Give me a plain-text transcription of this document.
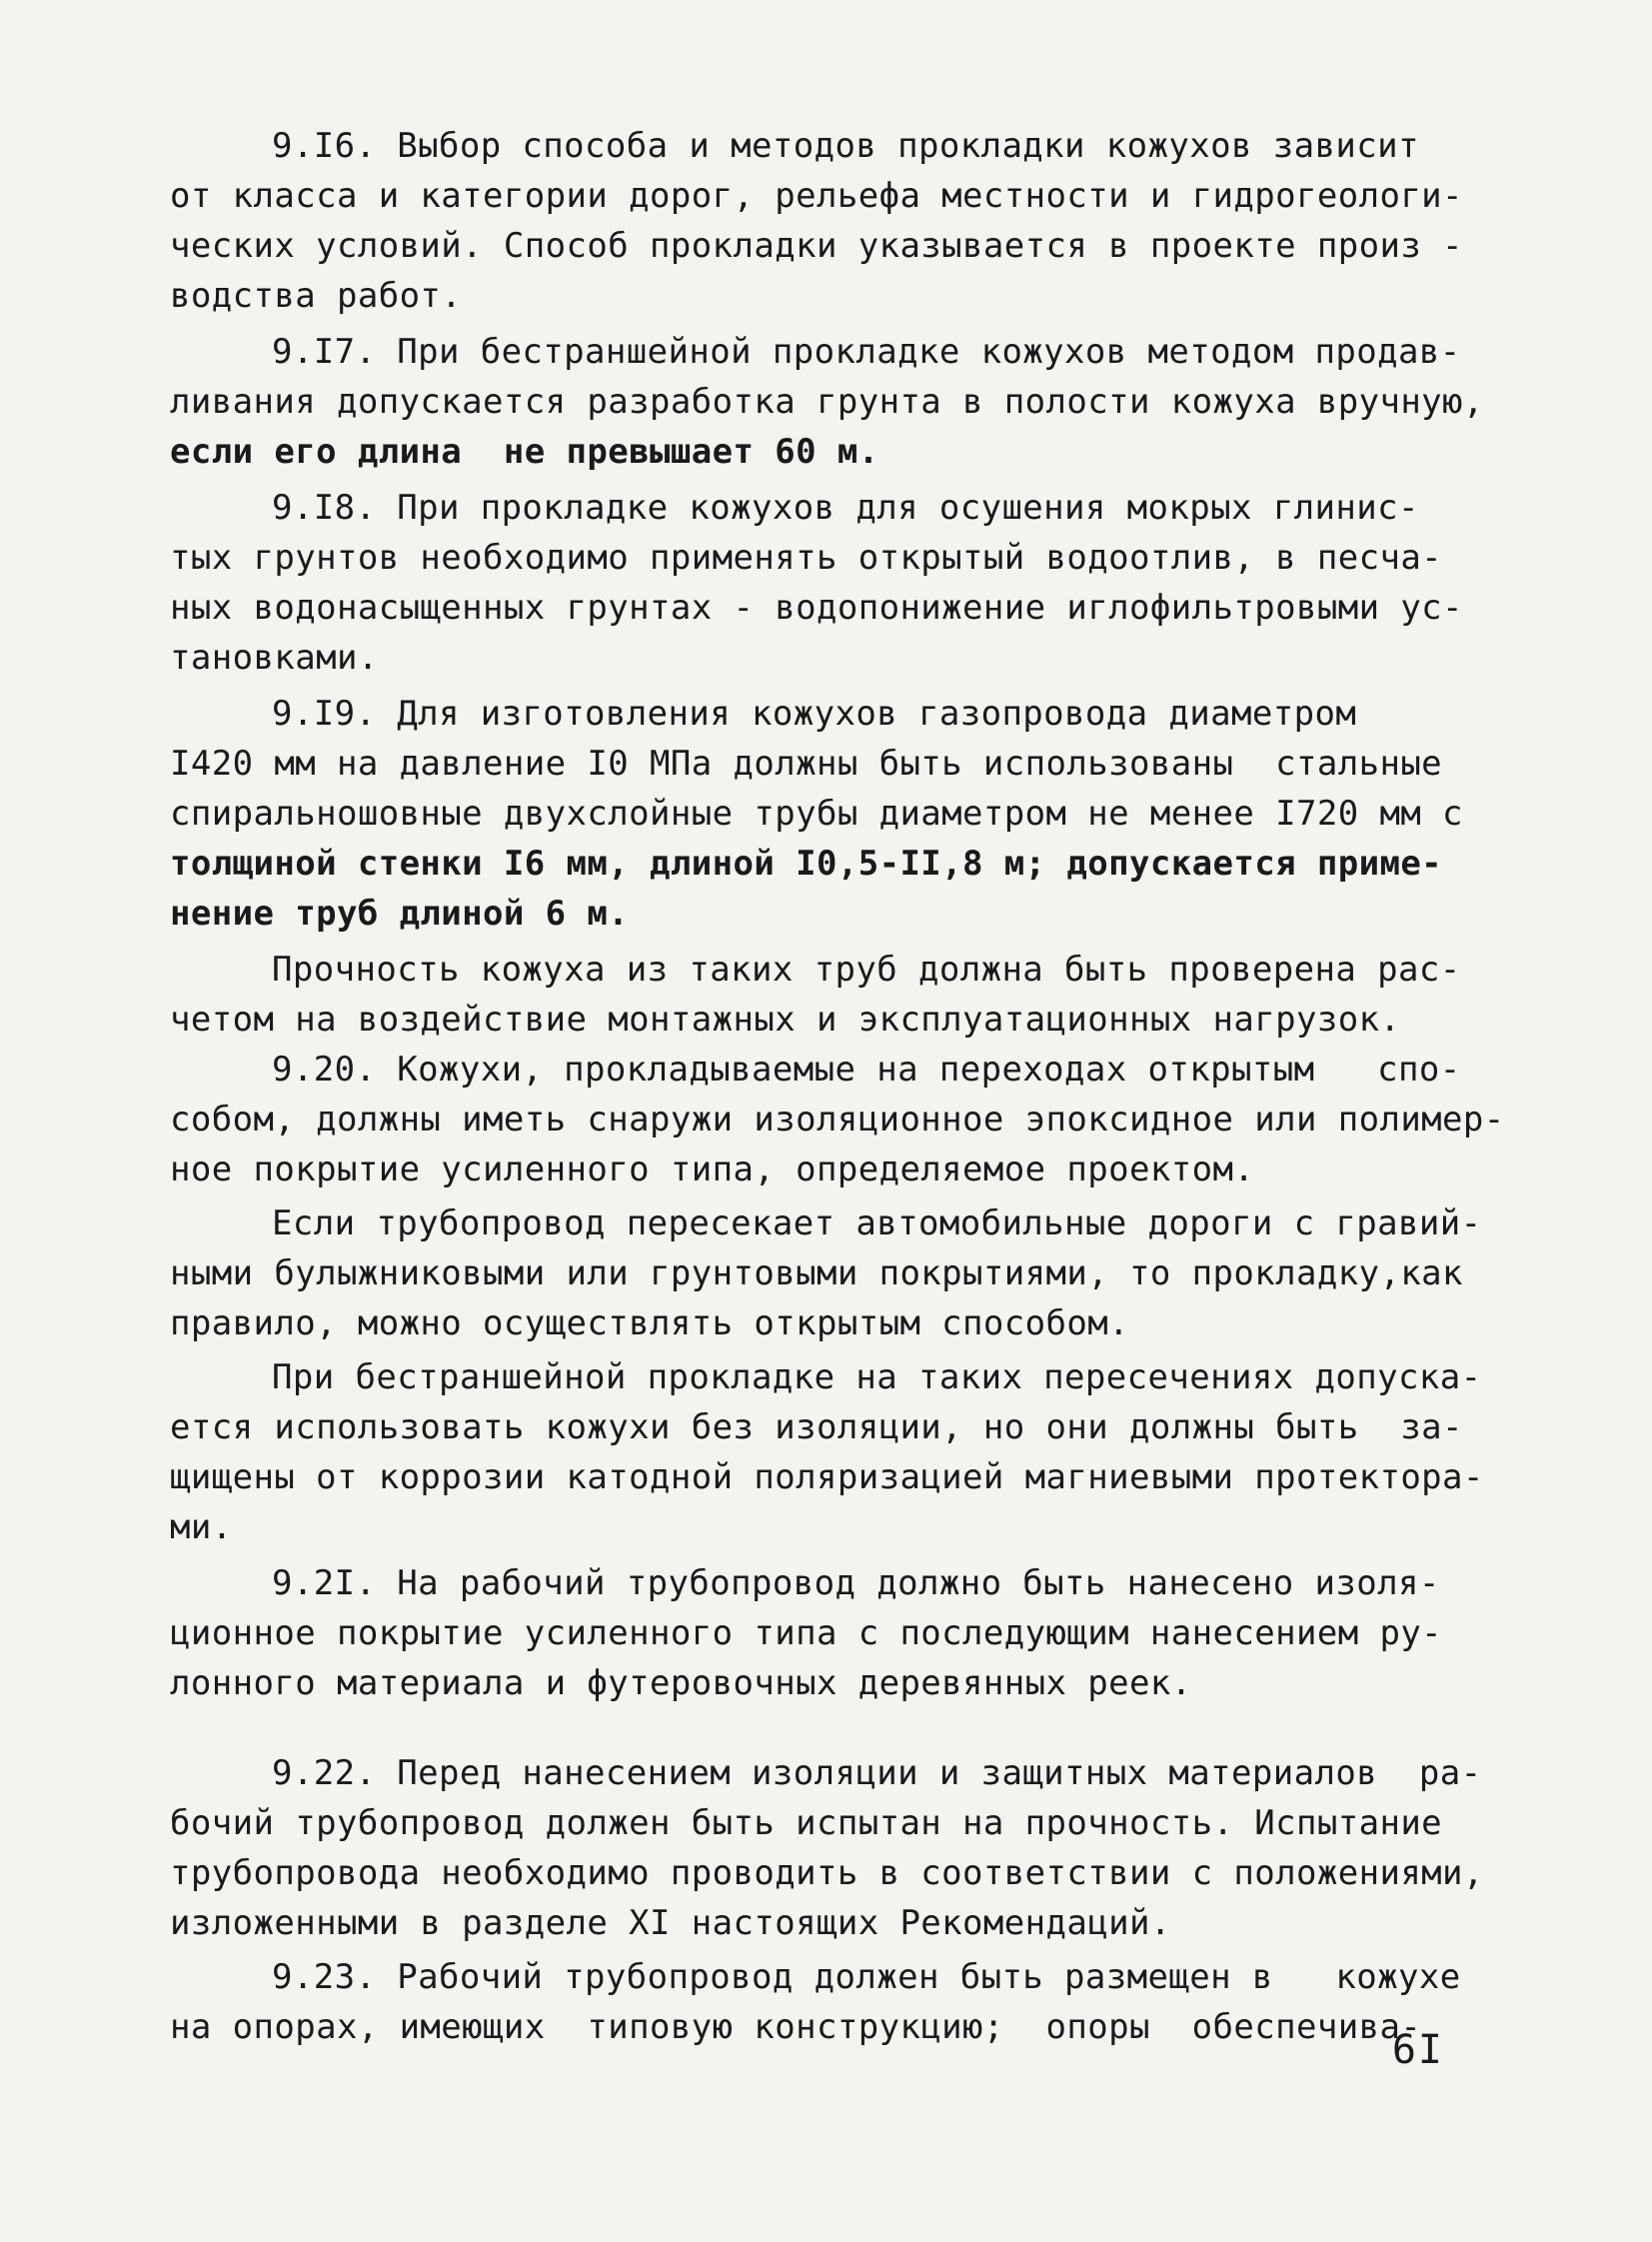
9.I6. Выбор способа и методов прокладки кожухов зависит
от класса и категории дорог, рельефа местности и гидрогеологи-
ческих условий. Способ прокладки указывается в проекте произ -
водства работ.
9.I7. При бестраншейной прокладке кожухов методом продав-
ливания допускается разработка грунта в полости кожуха вручную,
если его длина  не превышает 60 м.
9.I8. При прокладке кожухов для осушения мокрых глинис-
тых грунтов необходимо применять открытый водоотлив, в песча-
ных водонасыщенных грунтах - водопонижение иглофильтровыми ус-
тановками.
9.I9. Для изготовления кожухов газопровода диаметром
I420 мм на давление I0 МПа должны быть использованы  стальные
спиральношовные двухслойные трубы диаметром не менее I720 мм с
толщиной стенки I6 мм, длиной I0,5-II,8 м; допускается приме-
нение труб длиной 6 м.
Прочность кожуха из таких труб должна быть проверена рас-
четом на воздействие монтажных и эксплуатационных нагрузок.
9.20. Кожухи, прокладываемые на переходах открытым   спо-
собом, должны иметь снаружи изоляционное эпоксидное или полимер-
ное покрытие усиленного типа, определяемое проектом.
Если трубопровод пересекает автомобильные дороги с гравий-
ными булыжниковыми или грунтовыми покрытиями, то прокладку,как
правило, можно осуществлять открытым способом.
При бестраншейной прокладке на таких пересечениях допуска-
ется использовать кожухи без изоляции, но они должны быть  за-
щищены от коррозии катодной поляризацией магниевыми протектора-
ми.
9.2I. На рабочий трубопровод должно быть нанесено изоля-
ционное покрытие усиленного типа с последующим нанесением ру-
лонного материала и футеровочных деревянных реек.
9.22. Перед нанесением изоляции и защитных материалов  ра-
бочий трубопровод должен быть испытан на прочность. Испытание
трубопровода необходимо проводить в соответствии с положениями,
изложенными в разделе XI настоящих Рекомендаций.
9.23. Рабочий трубопровод должен быть размещен в   кожухе
на опорах, имеющих  типовую конструкцию;  опоры  обеспечива-
6I
